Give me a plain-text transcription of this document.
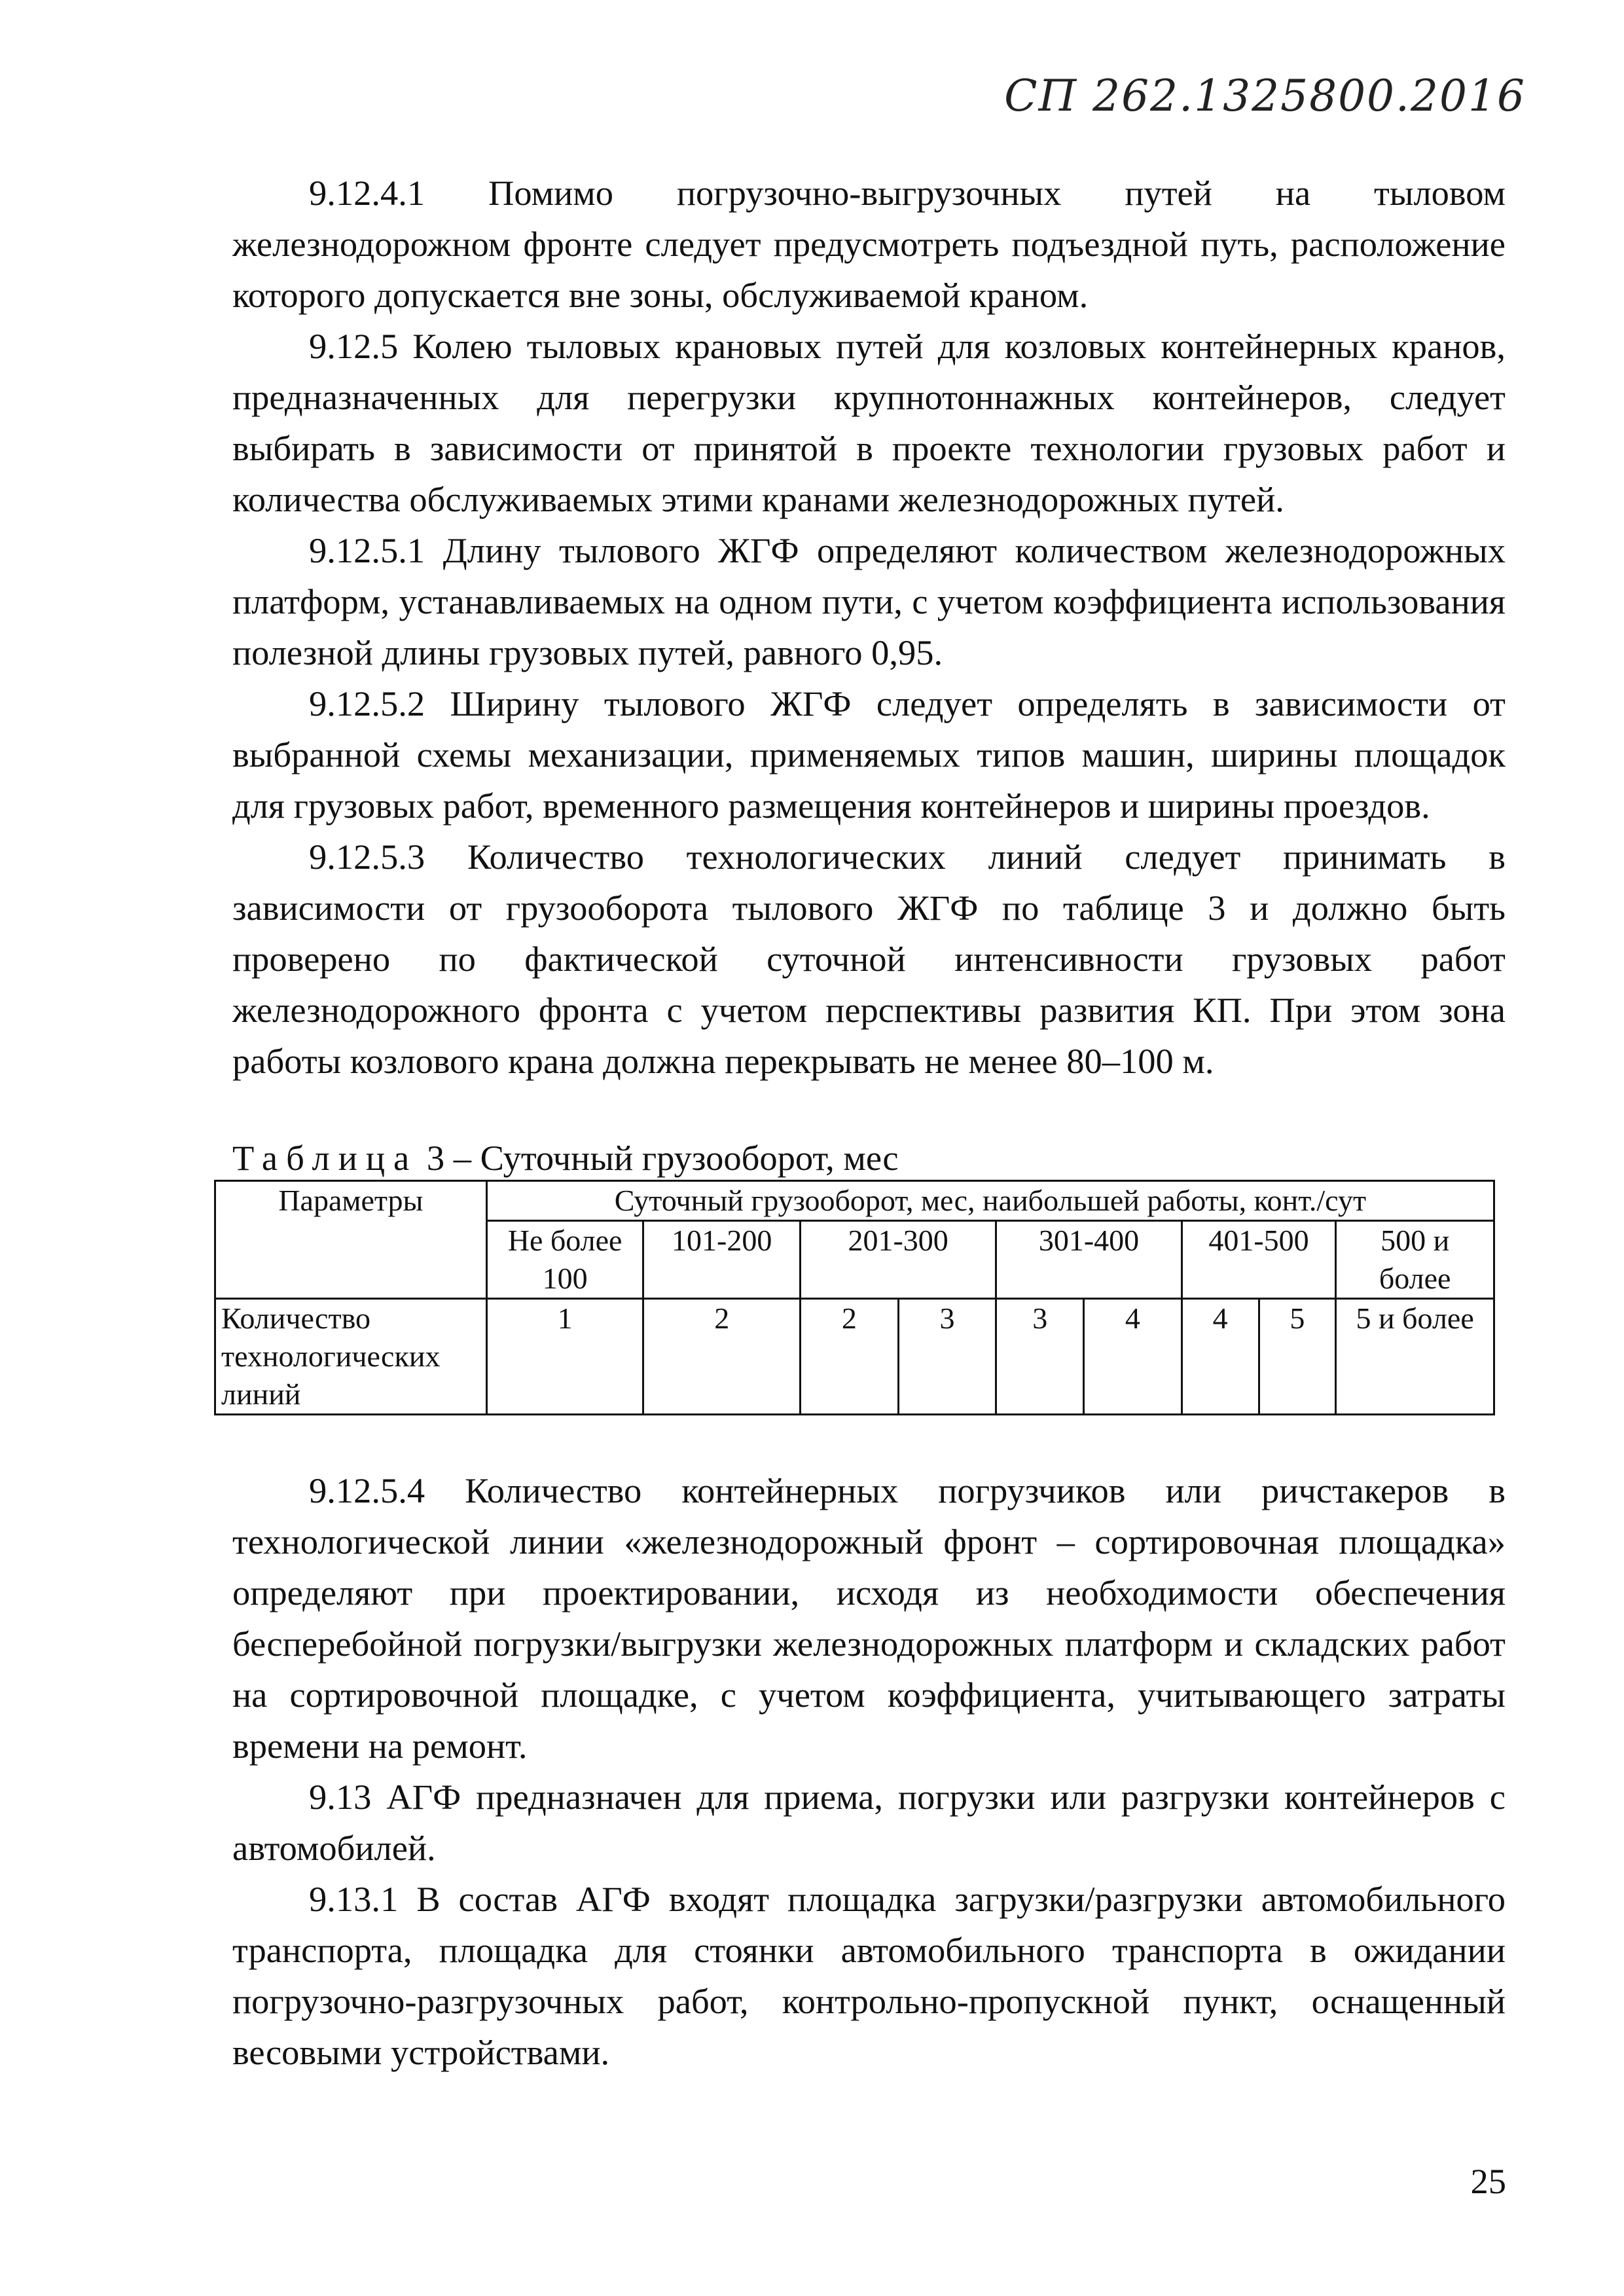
СП 262.1325800.2016

9.12.4.1 Помимо погрузочно-выгрузочных путей на тыловом железнодорожном фронте следует предусмотреть подъездной путь, расположение которого допускается вне зоны, обслуживаемой краном.

9.12.5 Колею тыловых крановых путей для козловых контейнерных кранов, предназначенных для перегрузки крупнотоннажных контейнеров, следует выбирать в зависимости от принятой в проекте технологии грузовых работ и количества обслуживаемых этими кранами железнодорожных путей.

9.12.5.1 Длину тылового ЖГФ определяют количеством железнодорожных платформ, устанавливаемых на одном пути, с учетом коэффициента использования полезной длины грузовых путей, равного 0,95.

9.12.5.2 Ширину тылового ЖГФ следует определять в зависимости от выбранной схемы механизации, применяемых типов машин, ширины площадок для грузовых работ, временного размещения контейнеров и ширины проездов.

9.12.5.3 Количество технологических линий следует принимать в зависимости от грузооборота тылового ЖГФ по таблице 3 и должно быть проверено по фактической суточной интенсивности грузовых работ железнодорожного фронта с учетом перспективы развития КП. При этом зона работы козлового крана должна перекрывать не менее 80–100 м.

Таблица 3 – Суточный грузооборот, мес
Параметры	Суточный грузооборот, мес, наибольшей работы, конт./сут								
	Не более 100	101-200	201-300		301-400		401-500		500 и более
Количество технологических линий	1	2	2	3	3	4	4	5	5 и более

9.12.5.4 Количество контейнерных погрузчиков или ричстакеров в технологической линии «железнодорожный фронт – сортировочная площадка» определяют при проектировании, исходя из необходимости обеспечения бесперебойной погрузки/выгрузки железнодорожных платформ и складских работ на сортировочной площадке, с учетом коэффициента, учитывающего затраты времени на ремонт.

9.13 АГФ предназначен для приема, погрузки или разгрузки контейнеров с автомобилей.

9.13.1 В состав АГФ входят площадка загрузки/разгрузки автомобильного транспорта, площадка для стоянки автомобильного транспорта в ожидании погрузочно-разгрузочных работ, контрольно-пропускной пункт, оснащенный весовыми устройствами.

25
